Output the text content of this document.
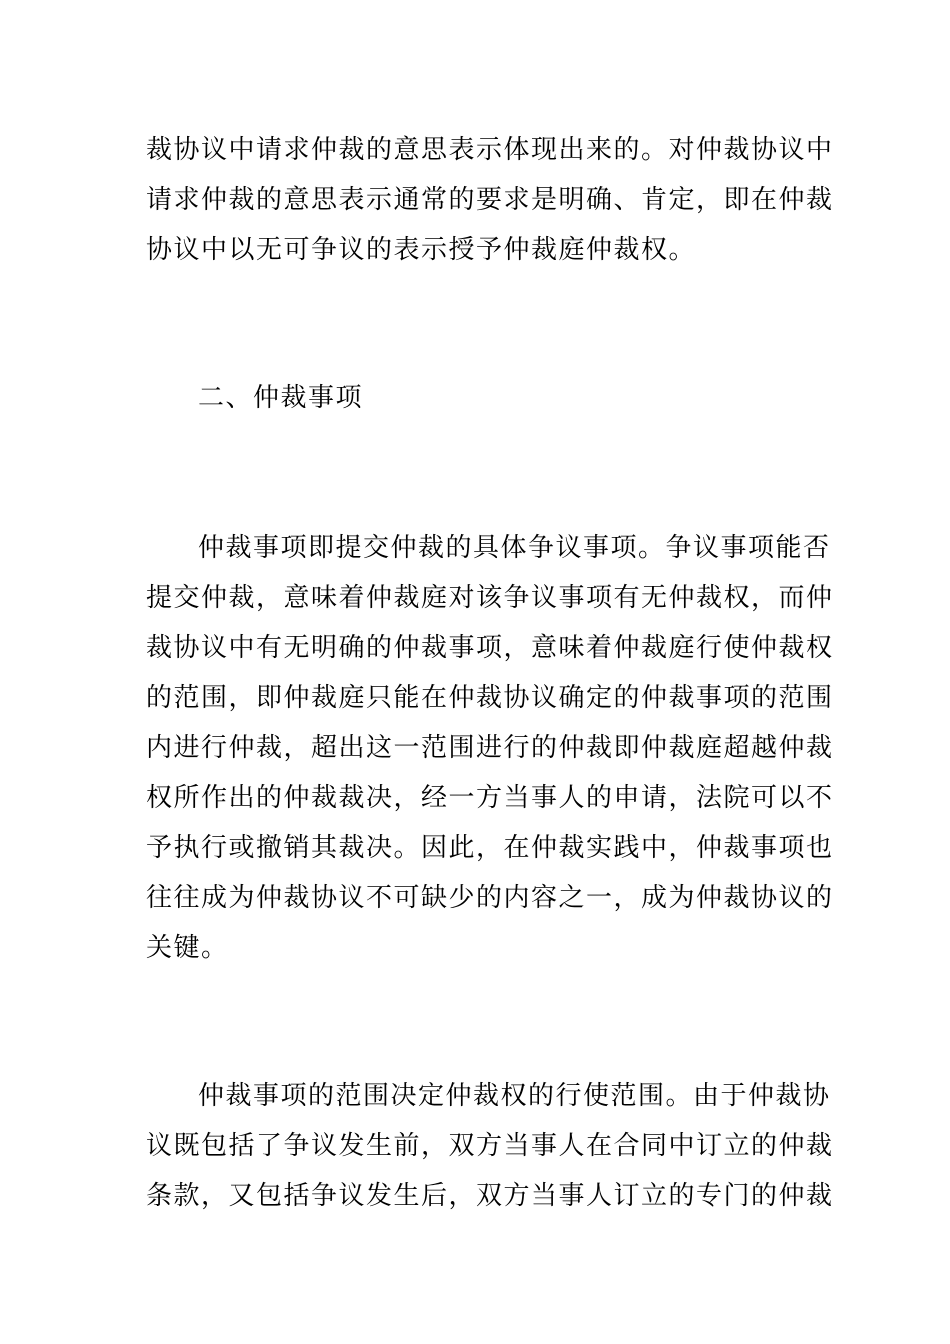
裁协议中请求仲裁的意思表示体现出来的。对仲裁协议中
请求仲裁的意思表示通常的要求是明确、肯定，即在仲裁
协议中以无可争议的表示授予仲裁庭仲裁权。
二、仲裁事项
仲裁事项即提交仲裁的具体争议事项。争议事项能否
提交仲裁，意味着仲裁庭对该争议事项有无仲裁权，而仲
裁协议中有无明确的仲裁事项，意味着仲裁庭行使仲裁权
的范围，即仲裁庭只能在仲裁协议确定的仲裁事项的范围
内进行仲裁，超出这一范围进行的仲裁即仲裁庭超越仲裁
权所作出的仲裁裁决，经一方当事人的申请，法院可以不
予执行或撤销其裁决。因此，在仲裁实践中，仲裁事项也
往往成为仲裁协议不可缺少的内容之一，成为仲裁协议的
关键。
仲裁事项的范围决定仲裁权的行使范围。由于仲裁协
议既包括了争议发生前，双方当事人在合同中订立的仲裁
条款，又包括争议发生后，双方当事人订立的专门的仲裁
